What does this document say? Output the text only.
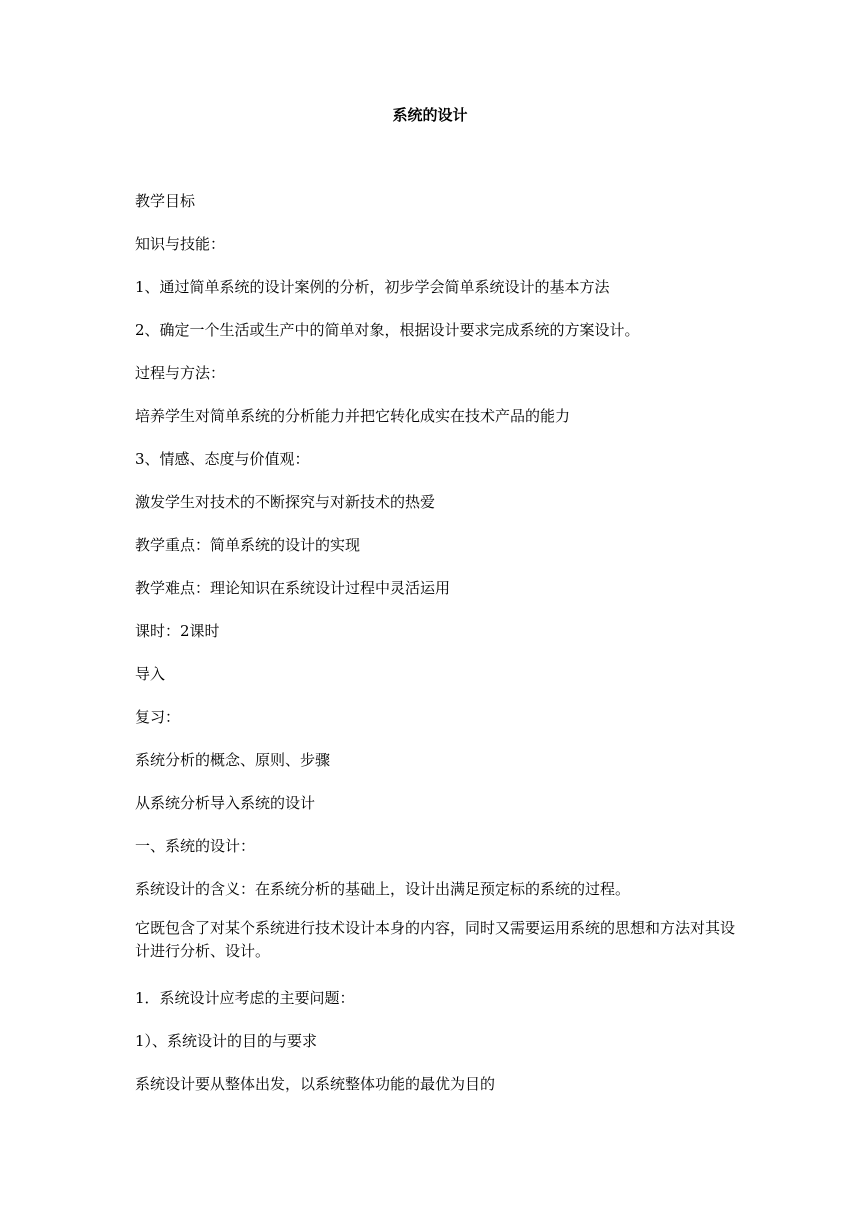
系统的设计
教学目标
知识与技能：
1、通过简单系统的设计案例的分析，初步学会简单系统设计的基本方法
2、确定一个生活或生产中的简单对象，根据设计要求完成系统的方案设计。
过程与方法：
培养学生对简单系统的分析能力并把它转化成实在技术产品的能力
3、情感、态度与价值观：
激发学生对技术的不断探究与对新技术的热爱
教学重点：简单系统的设计的实现
教学难点：理论知识在系统设计过程中灵活运用
课时：2课时
导入
复习：
系统分析的概念、原则、步骤
从系统分析导入系统的设计
一、系统的设计：
系统设计的含义：在系统分析的基础上，设计出满足预定标的系统的过程。
它既包含了对某个系统进行技术设计本身的内容，同时又需要运用系统的思想和方法对其设计进行分析、设计。
1．系统设计应考虑的主要问题：
1）、系统设计的目的与要求
系统设计要从整体出发，以系统整体功能的最优为目的
